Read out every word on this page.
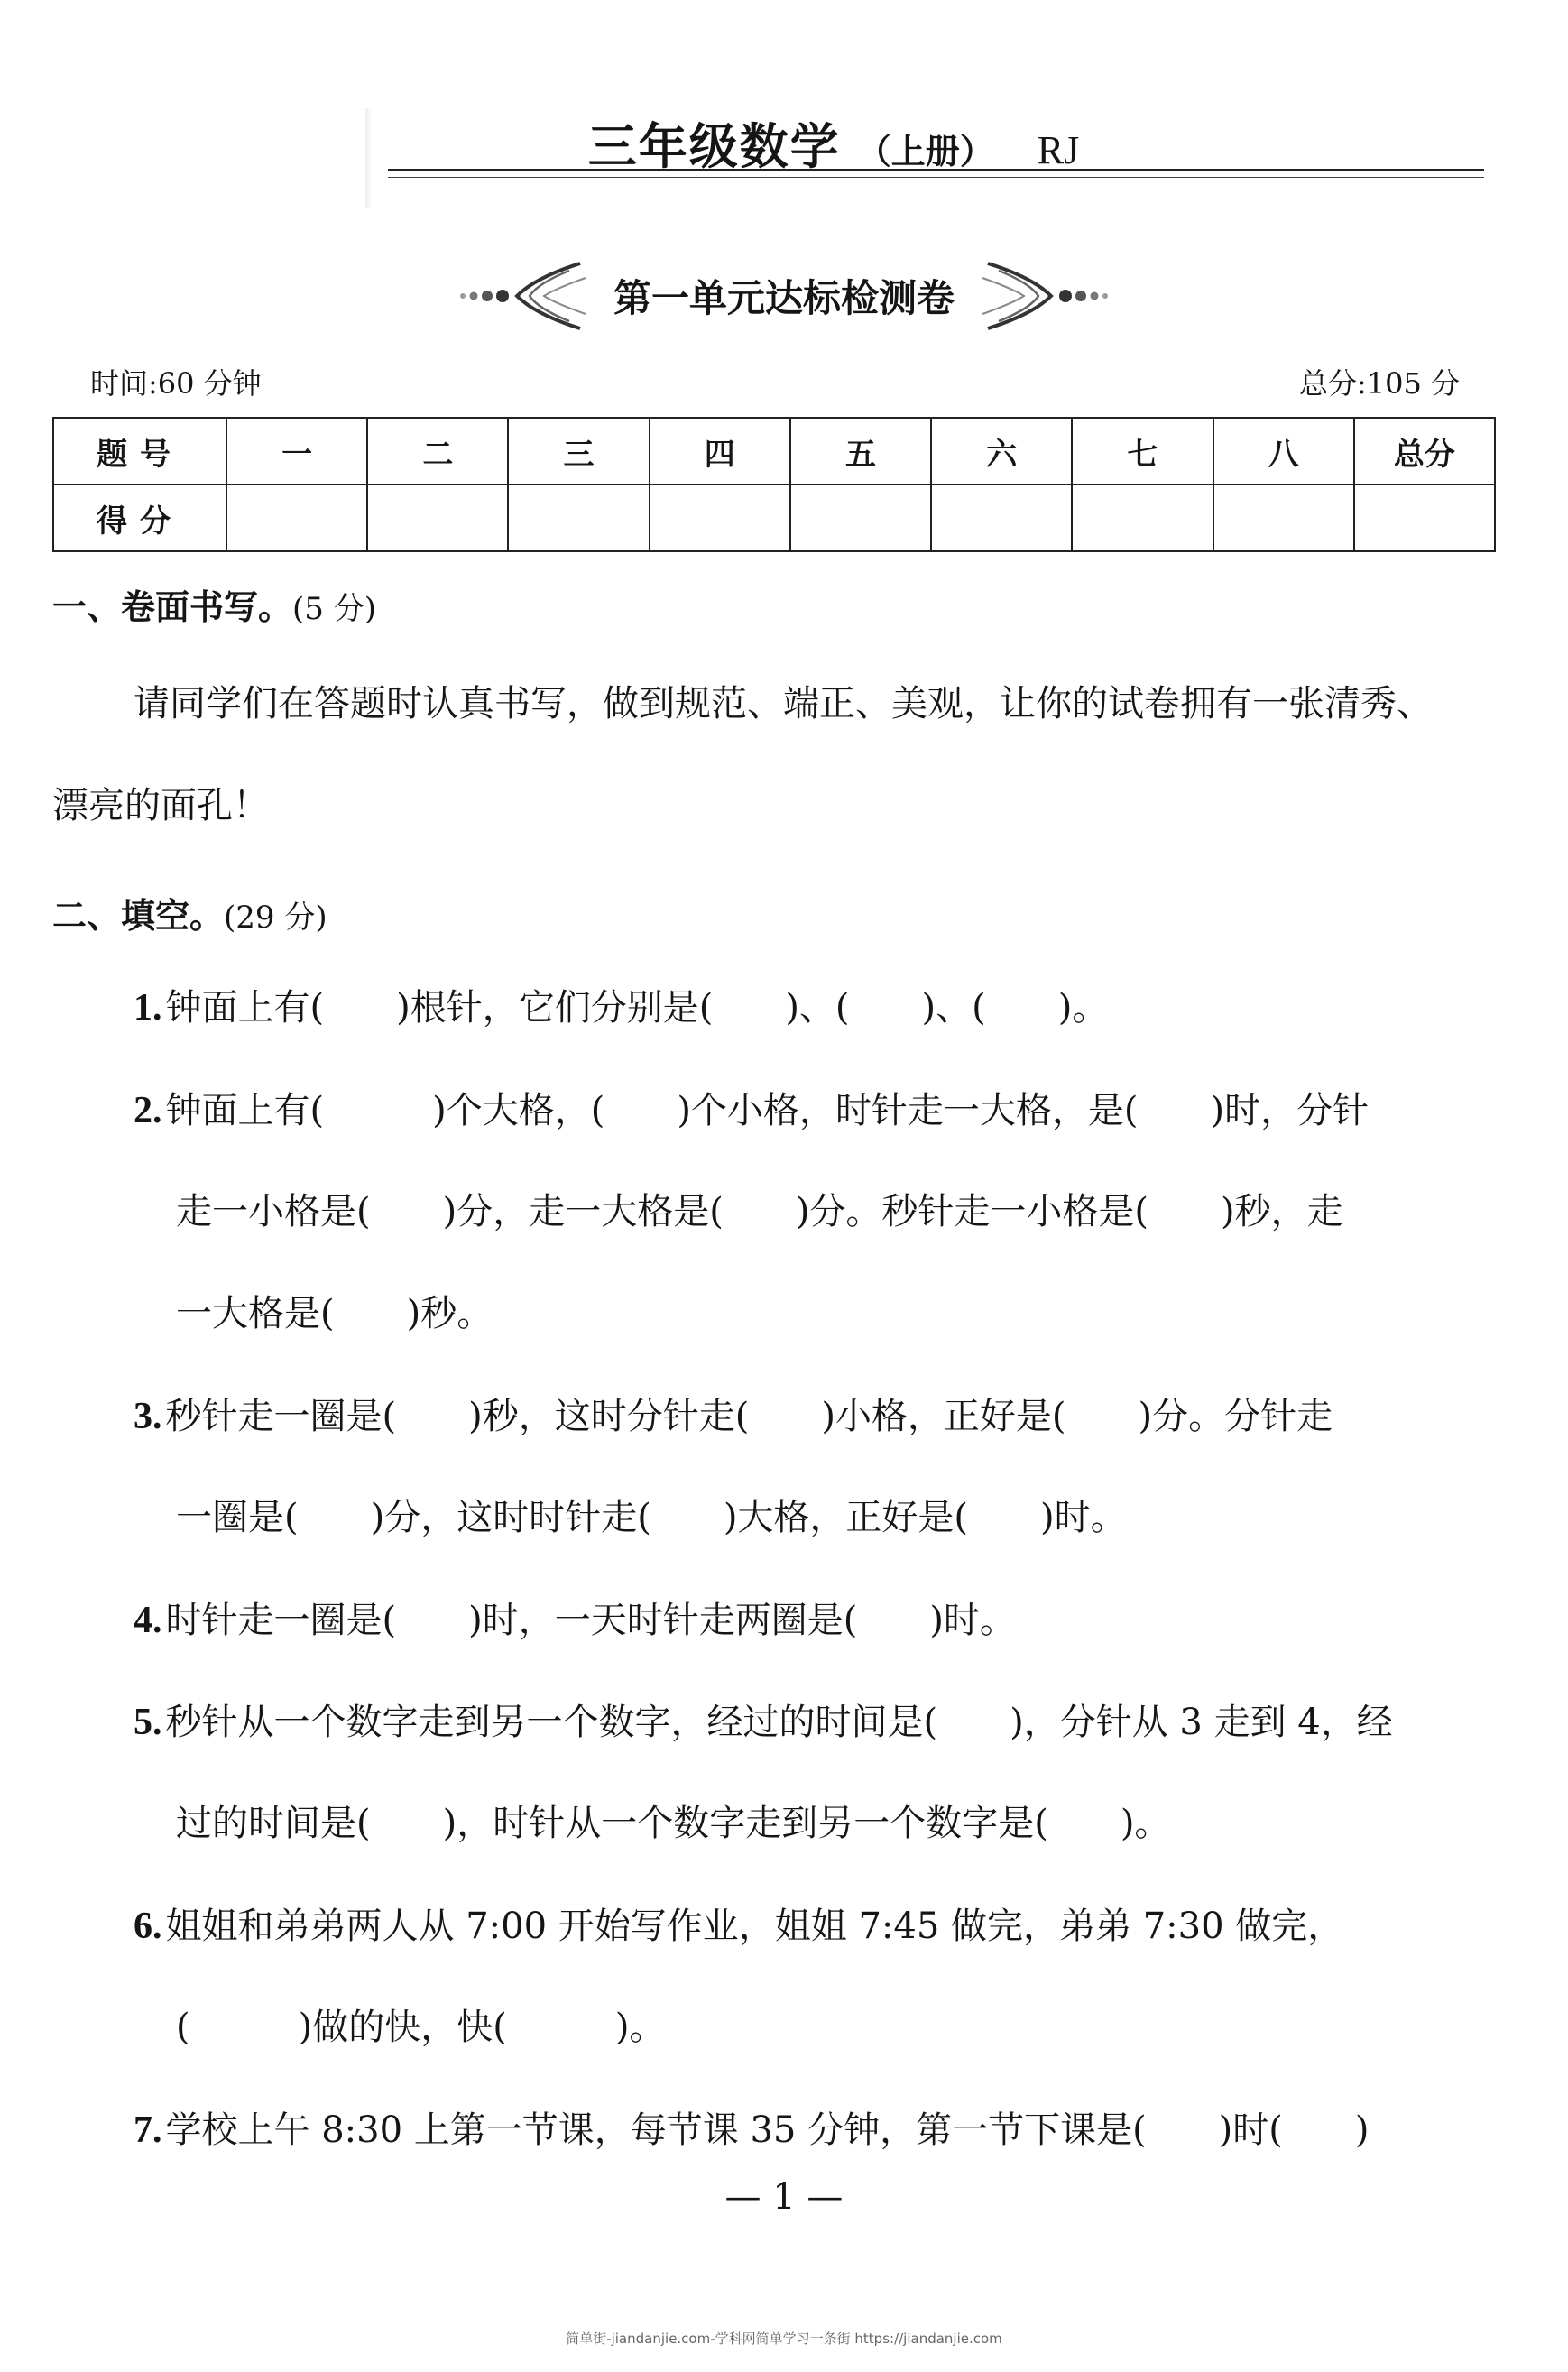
三年级数学 （上册） RJ
第一单元达标检测卷
时间:60 分钟	总分:105 分
题号	一	二	三	四	五	六	七	八	总分
得分									
一、卷面书写。(5 分)
请同学们在答题时认真书写，做到规范、端正、美观，让你的试卷拥有一张清秀、
漂亮的面孔！
二、填空。(29 分)
1. 钟面上有(　　)根针，它们分别是(　　)、(　　)、(　　)。
2. 钟面上有(　　　)个大格，(　　)个小格，时针走一大格，是(　　)时，分针
走一小格是(　　)分，走一大格是(　　)分。秒针走一小格是(　　)秒，走
一大格是(　　)秒。
3. 秒针走一圈是(　　)秒，这时分针走(　　)小格，正好是(　　)分。分针走
一圈是(　　)分，这时时针走(　　)大格，正好是(　　)时。
4. 时针走一圈是(　　)时，一天时针走两圈是(　　)时。
5. 秒针从一个数字走到另一个数字，经过的时间是(　　)，分针从 3 走到 4，经
过的时间是(　　)，时针从一个数字走到另一个数字是(　　)。
6. 姐姐和弟弟两人从 7:00 开始写作业，姐姐 7:45 做完，弟弟 7:30 做完，
(　　　)做的快，快(　　　)。
7. 学校上午 8:30 上第一节课，每节课 35 分钟，第一节下课是(　　)时(　　)
— 1 —
简单街-jiandanjie.com-学科网简单学习一条街 https://jiandanjie.com
